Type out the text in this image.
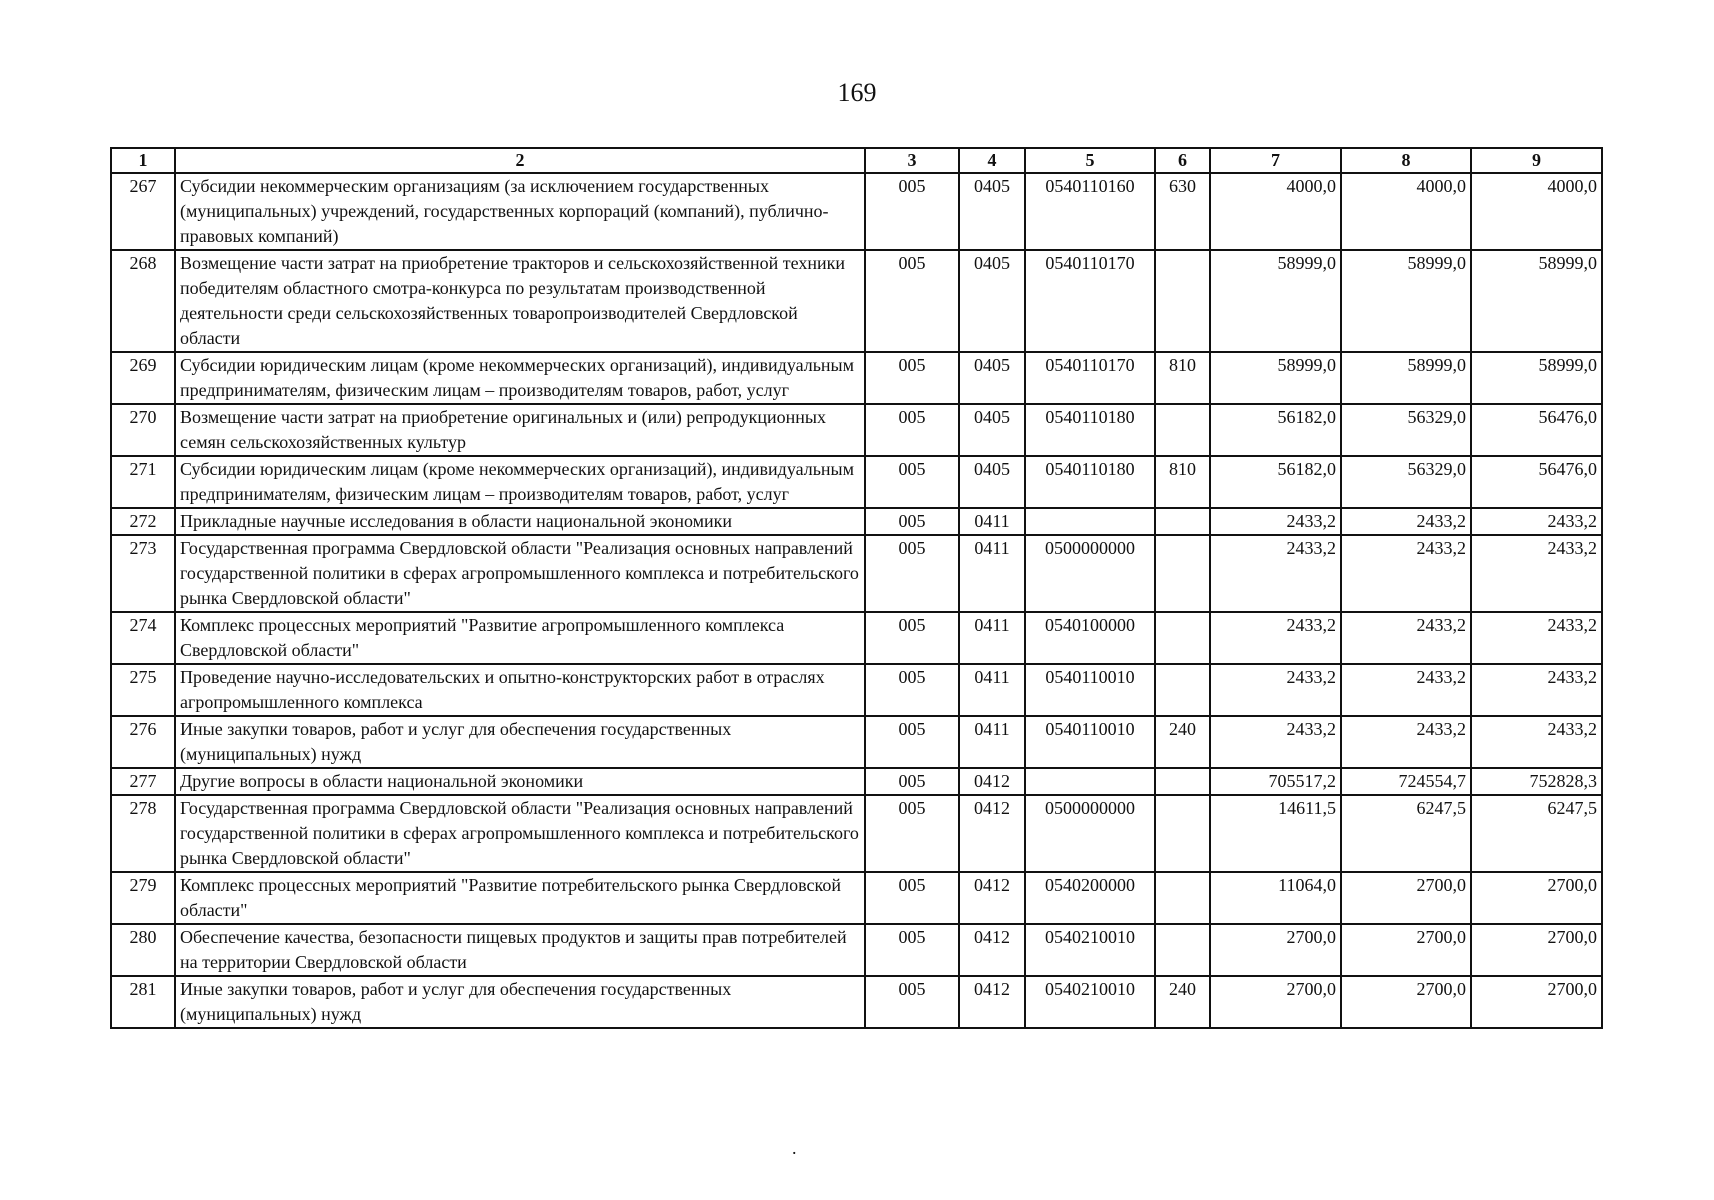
169
1	2	3	4	5	6	7	8	9
267	Субсидии некоммерческим организациям (за исключением государственных (муниципальных) учреждений, государственных корпораций (компаний), публично-правовых компаний)	005	0405	0540110160	630	4000,0	4000,0	4000,0
268	Возмещение части затрат на приобретение тракторов и сельскохозяйственной техники победителям областного смотра-конкурса по результатам производственной деятельности среди сельскохозяйственных товаропроизводителей Свердловской области	005	0405	0540110170		58999,0	58999,0	58999,0
269	Субсидии юридическим лицам (кроме некоммерческих организаций), индивидуальным предпринимателям, физическим лицам – производителям товаров, работ, услуг	005	0405	0540110170	810	58999,0	58999,0	58999,0
270	Возмещение части затрат на приобретение оригинальных и (или) репродукционных семян сельскохозяйственных культур	005	0405	0540110180		56182,0	56329,0	56476,0
271	Субсидии юридическим лицам (кроме некоммерческих организаций), индивидуальным предпринимателям, физическим лицам – производителям товаров, работ, услуг	005	0405	0540110180	810	56182,0	56329,0	56476,0
272	Прикладные научные исследования в области национальной экономики	005	0411			2433,2	2433,2	2433,2
273	Государственная программа Свердловской области "Реализация основных направлений государственной политики в сферах агропромышленного комплекса и потребительского рынка Свердловской области"	005	0411	0500000000		2433,2	2433,2	2433,2
274	Комплекс процессных мероприятий "Развитие агропромышленного комплекса Свердловской области"	005	0411	0540100000		2433,2	2433,2	2433,2
275	Проведение научно-исследовательских и опытно-конструкторских работ в отраслях агропромышленного комплекса	005	0411	0540110010		2433,2	2433,2	2433,2
276	Иные закупки товаров, работ и услуг для обеспечения государственных (муниципальных) нужд	005	0411	0540110010	240	2433,2	2433,2	2433,2
277	Другие вопросы в области национальной экономики	005	0412			705517,2	724554,7	752828,3
278	Государственная программа Свердловской области "Реализация основных направлений государственной политики в сферах агропромышленного комплекса и потребительского рынка Свердловской области"	005	0412	0500000000		14611,5	6247,5	6247,5
279	Комплекс процессных мероприятий "Развитие потребительского рынка Свердловской области"	005	0412	0540200000		11064,0	2700,0	2700,0
280	Обеспечение качества, безопасности пищевых продуктов и защиты прав потребителей на территории Свердловской области	005	0412	0540210010		2700,0	2700,0	2700,0
281	Иные закупки товаров, работ и услуг для обеспечения государственных (муниципальных) нужд	005	0412	0540210010	240	2700,0	2700,0	2700,0
.
